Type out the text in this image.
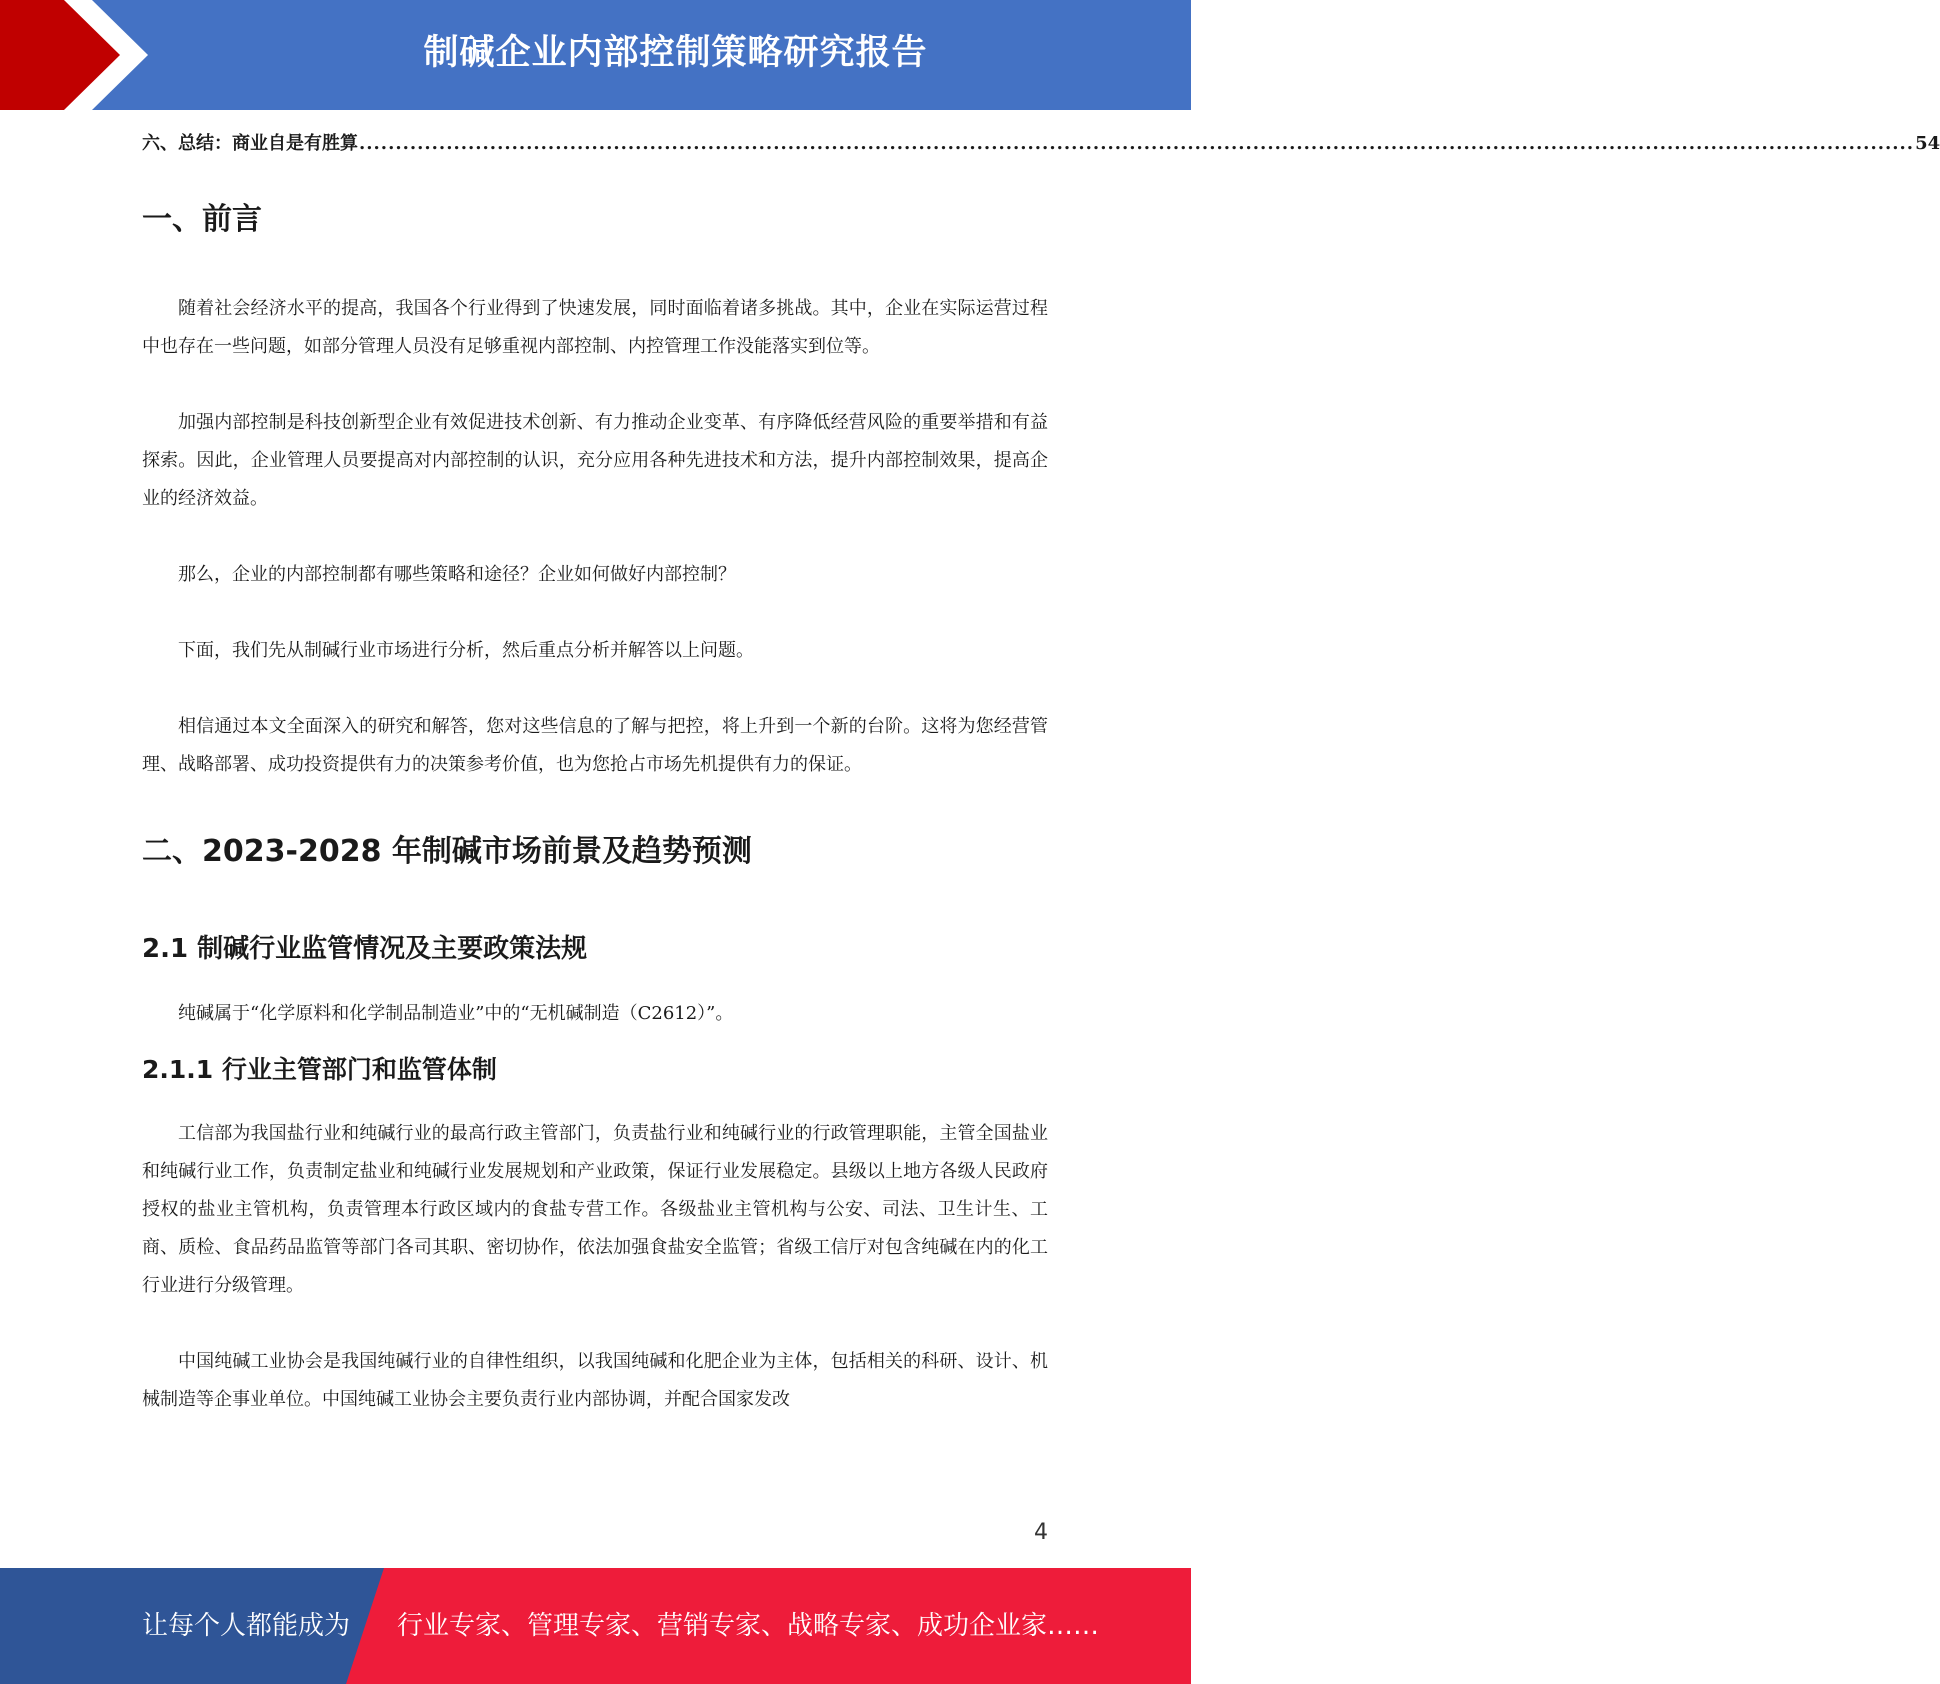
制碱企业内部控制策略研究报告
六、总结：商业自是有胜算 ...................................................................................................................................................................................................................... 54
一、前言

随着社会经济水平的提高，我国各个行业得到了快速发展，同时面临着诸多挑战。其中，企业在实际运营过程中也存在一些问题，如部分管理人员没有足够重视内部控制、内控管理工作没能落实到位等。

加强内部控制是科技创新型企业有效促进技术创新、有力推动企业变革、有序降低经营风险的重要举措和有益探索。因此，企业管理人员要提高对内部控制的认识，充分应用各种先进技术和方法，提升内部控制效果，提高企业的经济效益。

那么，企业的内部控制都有哪些策略和途径？企业如何做好内部控制？

下面，我们先从制碱行业市场进行分析，然后重点分析并解答以上问题。

相信通过本文全面深入的研究和解答，您对这些信息的了解与把控，将上升到一个新的台阶。这将为您经营管理、战略部署、成功投资提供有力的决策参考价值，也为您抢占市场先机提供有力的保证。

二、2023-2028 年制碱市场前景及趋势预测
2.1 制碱行业监管情况及主要政策法规

纯碱属于“化学原料和化学制品制造业”中的“无机碱制造（C2612）”。

2.1.1 行业主管部门和监管体制

工信部为我国盐行业和纯碱行业的最高行政主管部门，负责盐行业和纯碱行业的行政管理职能，主管全国盐业和纯碱行业工作，负责制定盐业和纯碱行业发展规划和产业政策，保证行业发展稳定。县级以上地方各级人民政府授权的盐业主管机构，负责管理本行政区域内的食盐专营工作。各级盐业主管机构与公安、司法、卫生计生、工商、质检、食品药品监管等部门各司其职、密切协作，依法加强食盐安全监管；省级工信厅对包含纯碱在内的化工行业进行分级管理。

中国纯碱工业协会是我国纯碱行业的自律性组织，以我国纯碱和化肥企业为主体，包括相关的科研、设计、机械制造等企事业单位。中国纯碱工业协会主要负责行业内部协调，并配合国家发改

4
让每个人都能成为 行业专家、管理专家、营销专家、战略专家、成功企业家……
